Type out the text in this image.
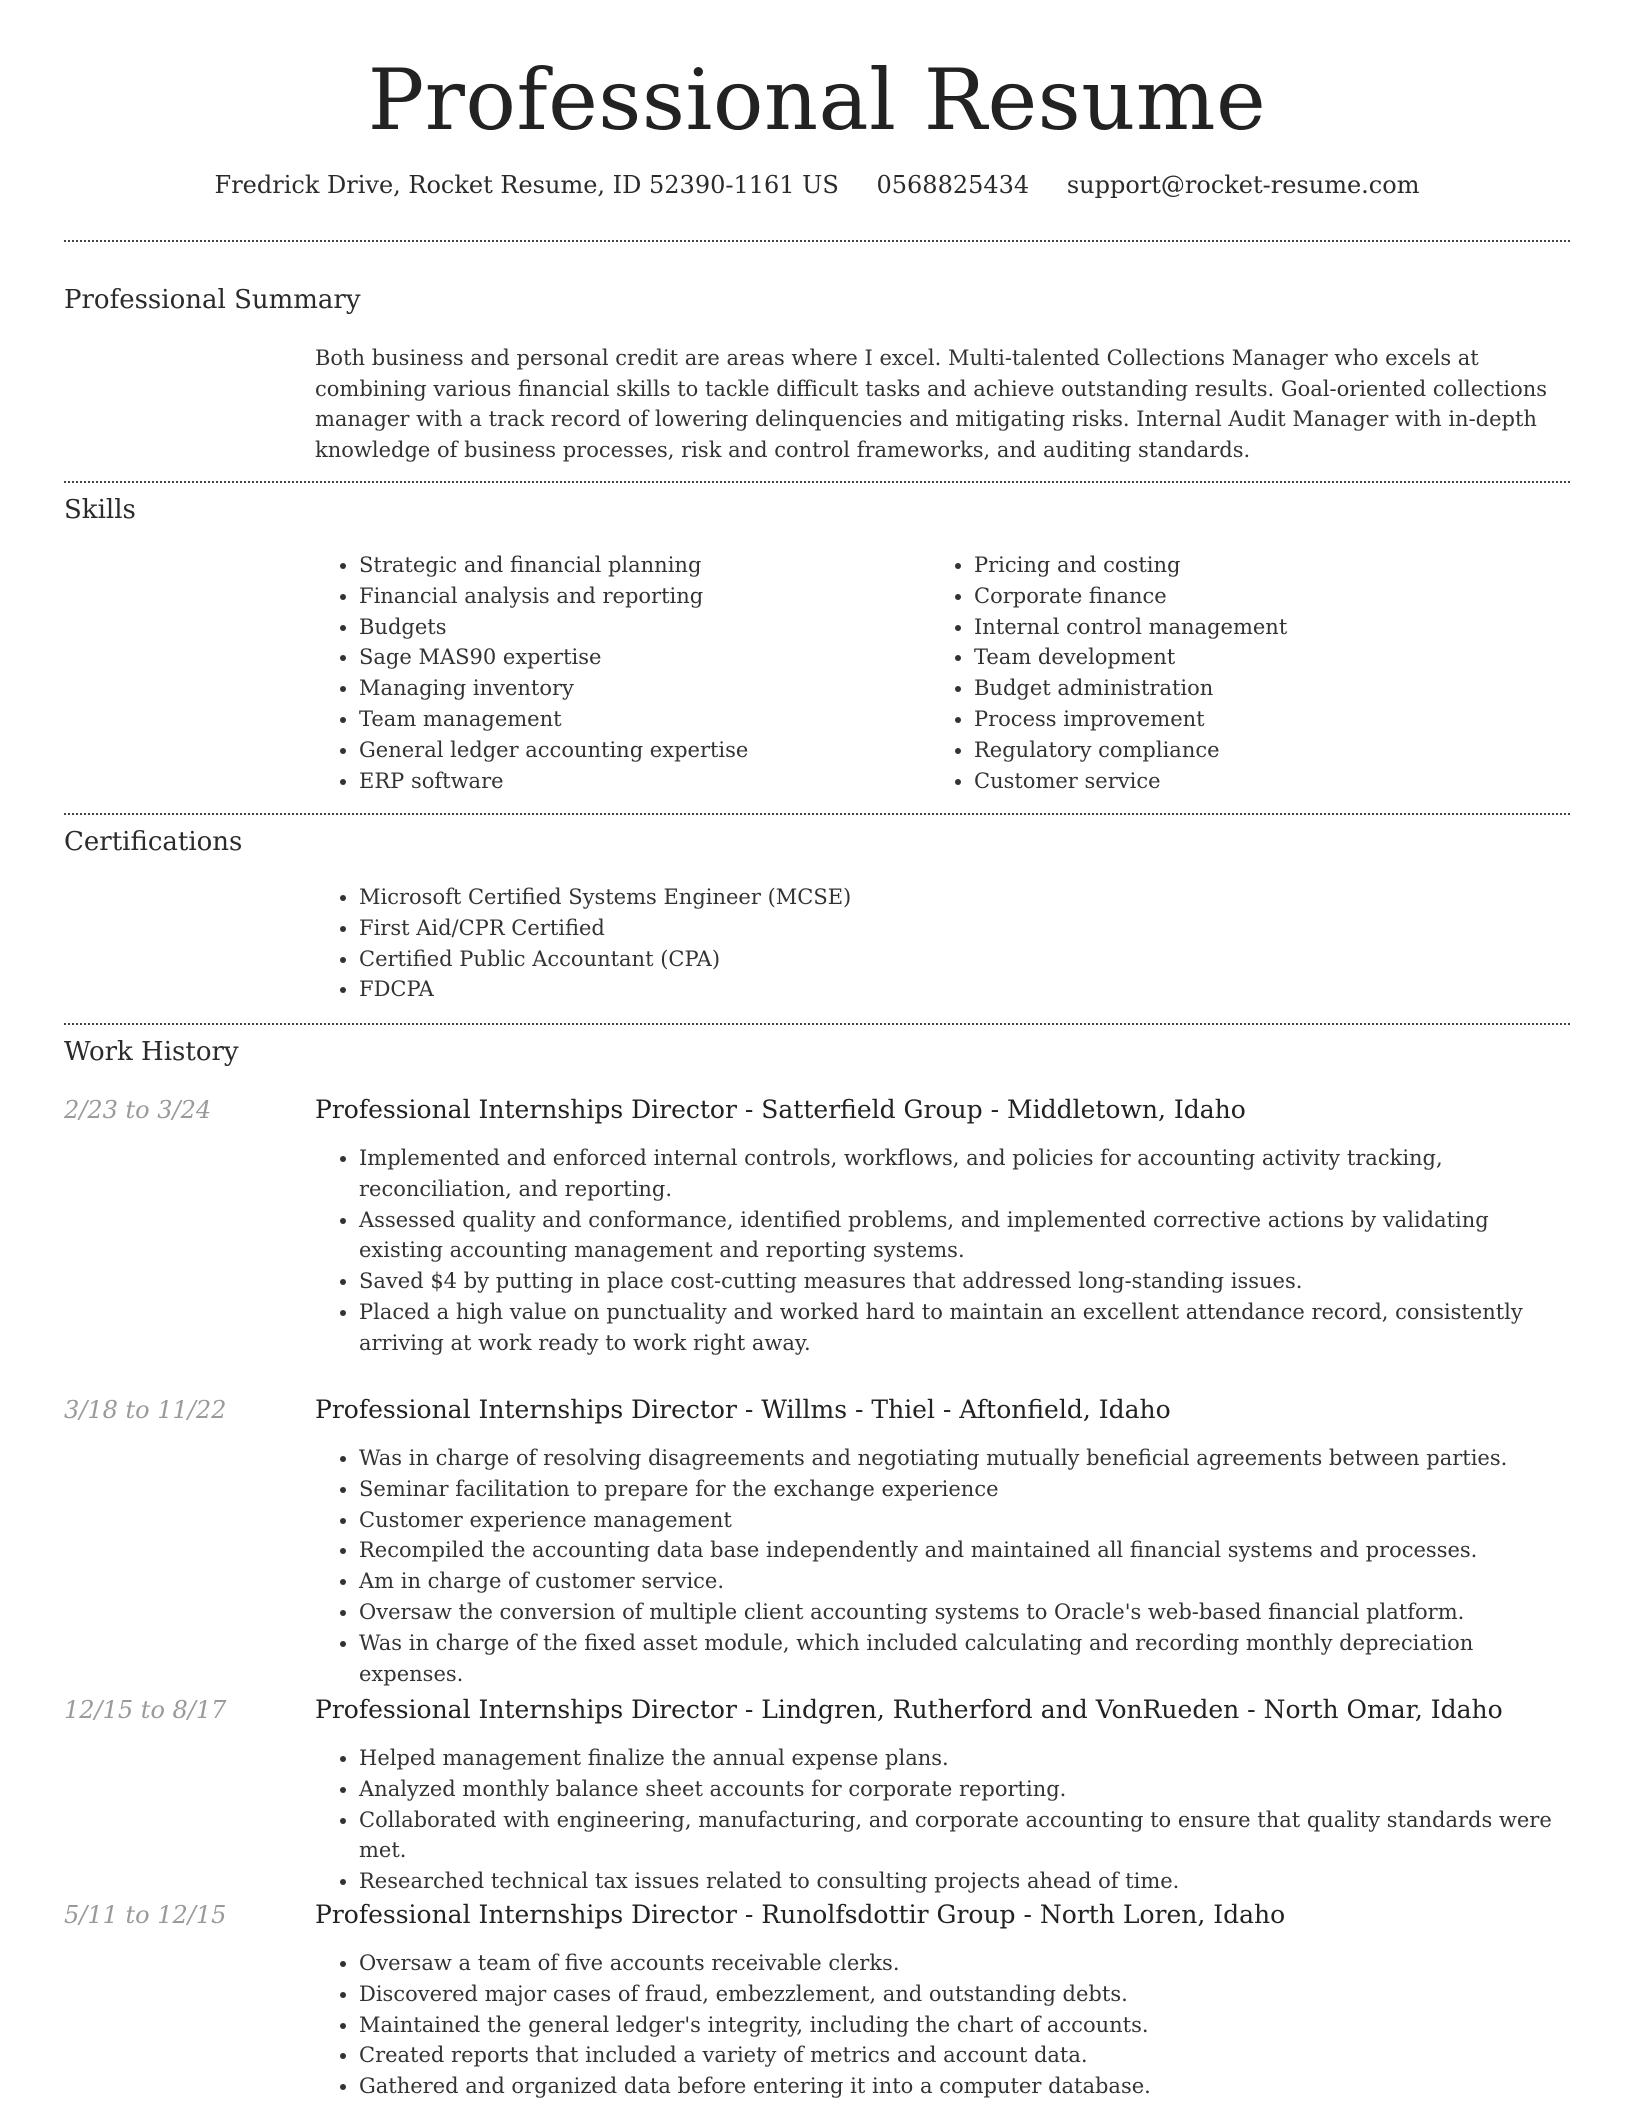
Professional Resume
Fredrick Drive, Rocket Resume, ID 52390-1161 US 0568825434 support@rocket-resume.com
Professional Summary
Both business and personal credit are areas where I excel. Multi-talented Collections Manager who excels at combining various financial skills to tackle difficult tasks and achieve outstanding results. Goal-oriented collections manager with a track record of lowering delinquencies and mitigating risks. Internal Audit Manager with in-depth knowledge of business processes, risk and control frameworks, and auditing standards.
Skills
• Strategic and financial planning
• Financial analysis and reporting
• Budgets
• Sage MAS90 expertise
• Managing inventory
• Team management
• General ledger accounting expertise
• ERP software
• Pricing and costing
• Corporate finance
• Internal control management
• Team development
• Budget administration
• Process improvement
• Regulatory compliance
• Customer service
Certifications
• Microsoft Certified Systems Engineer (MCSE)
• First Aid/CPR Certified
• Certified Public Accountant (CPA)
• FDCPA
Work History
2/23 to 3/24	Professional Internships Director - Satterfield Group - Middletown, Idaho
• Implemented and enforced internal controls, workflows, and policies for accounting activity tracking, reconciliation, and reporting.
• Assessed quality and conformance, identified problems, and implemented corrective actions by validating existing accounting management and reporting systems.
• Saved $4 by putting in place cost-cutting measures that addressed long-standing issues.
• Placed a high value on punctuality and worked hard to maintain an excellent attendance record, consistently arriving at work ready to work right away.
3/18 to 11/22	Professional Internships Director - Willms - Thiel - Aftonfield, Idaho
• Was in charge of resolving disagreements and negotiating mutually beneficial agreements between parties.
• Seminar facilitation to prepare for the exchange experience
• Customer experience management
• Recompiled the accounting data base independently and maintained all financial systems and processes.
• Am in charge of customer service.
• Oversaw the conversion of multiple client accounting systems to Oracle's web-based financial platform.
• Was in charge of the fixed asset module, which included calculating and recording monthly depreciation expenses.
12/15 to 8/17	Professional Internships Director - Lindgren, Rutherford and VonRueden - North Omar, Idaho
• Helped management finalize the annual expense plans.
• Analyzed monthly balance sheet accounts for corporate reporting.
• Collaborated with engineering, manufacturing, and corporate accounting to ensure that quality standards were met.
• Researched technical tax issues related to consulting projects ahead of time.
5/11 to 12/15	Professional Internships Director - Runolfsdottir Group - North Loren, Idaho
• Oversaw a team of five accounts receivable clerks.
• Discovered major cases of fraud, embezzlement, and outstanding debts.
• Maintained the general ledger's integrity, including the chart of accounts.
• Created reports that included a variety of metrics and account data.
• Gathered and organized data before entering it into a computer database.
